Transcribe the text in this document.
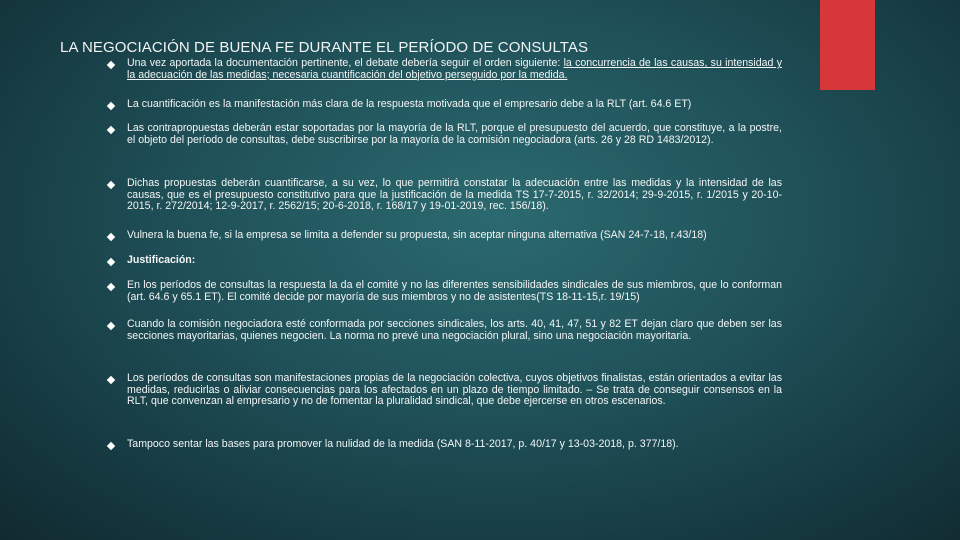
LA NEGOCIACIÓN DE BUENA FE DURANTE EL PERÍODO DE CONSULTAS
Una vez aportada la documentación pertinente, el debate debería seguir el orden siguiente: la concurrencia de las causas, su intensidad y la adecuación de las medidas; necesaria cuantificación del objetivo perseguido por la medida.
La cuantificación es la manifestación más clara de la respuesta motivada que el empresario debe a la RLT (art. 64.6 ET)
Las contrapropuestas deberán estar soportadas por la mayoría de la RLT, porque el presupuesto del acuerdo, que constituye, a la postre, el objeto del período de consultas, debe suscribirse por la mayoría de la comisión negociadora (arts. 26 y 28 RD 1483/2012).
Dichas propuestas deberán cuantificarse, a su vez, lo que permitirá constatar la adecuación entre las medidas y la intensidad de las causas, que es el presupuesto constitutivo para que la justificación de la medida TS 17-7-2015, r. 32/2014; 29-9-2015, r. 1/2015 y 20-10-2015, r. 272/2014; 12-9-2017, r. 2562/15; 20-6-2018, r. 168/17 y 19-01-2019, rec. 156/18).
Vulnera la buena fe, si la empresa se limita a defender su propuesta, sin aceptar ninguna alternativa (SAN 24-7-18, r.43/18)
Justificación:
En los períodos de consultas la respuesta la da el comité y no las diferentes sensibilidades sindicales de sus miembros, que lo conforman (art. 64.6 y 65.1 ET). El comité decide por mayoría de sus miembros y no de asistentes(TS 18-11-15,r. 19/15)
Cuando la comisión negociadora esté conformada por secciones sindicales, los arts. 40, 41, 47, 51 y 82 ET dejan claro que deben ser las secciones mayoritarias, quienes negocien. La norma no prevé una negociación plural, sino una negociación mayoritaria.
Los períodos de consultas son manifestaciones propias de la negociación colectiva, cuyos objetivos finalistas, están orientados a evitar las medidas, reducirlas o aliviar consecuencias para los afectados en un plazo de tiempo limitado. – Se trata de conseguir consensos en la RLT, que convenzan al empresario y no de fomentar la pluralidad sindical, que debe ejercerse en otros escenarios.
Tampoco sentar las bases para promover la nulidad de la medida (SAN 8-11-2017, p. 40/17 y 13-03-2018, p. 377/18).
